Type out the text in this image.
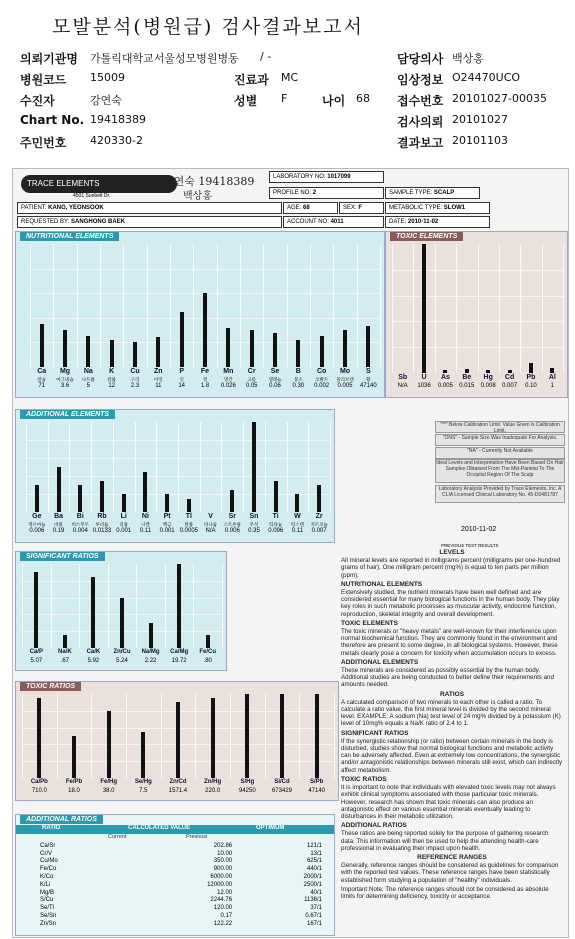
모발분석(병원급) 검사결과보고서
의뢰기관명 가톨릭대학교서울성모병원병동 / -	담당의사 백상홍
병원코드 15009	진료과 MC	임상정보 O24470UCO
수진자	강연숙	성별 F	나이 68 접수번호 20101027-00035
Chart No. 19418389	검사의뢰 20101027
주민번호 420330-2	결과보고 20101103
TRACE ELEMENTS
4501 Sunbelt Dr.
강연숙 19418389
백상홍
LABORATORY NO: 1017099
PROFILE NO: 2	SAMPLE TYPE: SCALP
PATIENT: KANG, YEONSOOK	AGE: 68	SEX: F	METABOLIC TYPE: SLOW1
REQUESTED BY: SANGHONG BAEK	ACCOUNT NO: 4011	DATE: 2010-11-02
NUTRITIONAL ELEMENTS
Ca
칼슘
71
Mg
마그네슘
3.6
Na
나트륨
5
K
칼륨
12
Cu
구리
2.3
Zn
아연
11
P
인
14
Fe
철
1.8
Mn
망간
0.026
Cr
크롬
0.05
Se
셀레늄
0.06
B
붕소
0.30
Co
코발트
0.002
Mo
몰리브덴
0.005
S
황
47140
TOXIC ELEMENTS
Sb
N/A
U
1036
As
0.005
Be
0.015
Hg
0.008
Cd
0.007
Pb
0.10
Al
1
ADDITIONAL ELEMENTS
Ge
게르마늄
0.006
Ba
바륨
0.19
Bi
비스무트
0.004
Rb
루비듐
0.0133
Li
리튬
0.001
Ni
니켈
0.11
Pt
백금
0.001
Tl
탈륨
0.0005
V
바나듐
N/A
Sr
스트론튬
0.006
Sn
주석
0.35
Ti
티타늄
0.096
W
텅스텐
0.11
Zr
지르코늄
0.007
"**" Below Calibration Limit. Value Given is Calibration Limit.
"ONS" - Sample Size Was Inadequate For Analysis.
"NA" - Currently Not Available
Ideal Levels and Interpretation Have Been Based On Hair Samples Obtained From The Mid-Parietal To The Occipital Region Of The Scalp
Laboratory Analysis Provided by Trace Elements, Inc. A CLIA Licensed Clinical Laboratory No. 45-D0481787
2010-11-02
PREVIOUS TEST RESULTS
SIGNIFICANT RATIOS
Ca/P
5.07
Na/K
.67
Ca/K
5.92
Zn/Cu
5.24
Na/Mg
2.22
Ca/Mg
19.72
Fe/Cu
.80
TOXIC RATIOS
Ca/Pb
710.0
Fe/Pb
18.0
Fe/Hg
38.0
Se/Hg
7.5
Zn/Cd
1571.4
Zn/Hg
220.0
S/Hg
94250
Si/Cd
673429
S/Pb
47140
ADDITIONAL RATIOS
RATIO	CALCULATED VALUE	OPTIMUM
Current	Previous
Ca/Sr	202.86	121/1
Cr/V	10.00	13/1
Cu/Mo	350.00	625/1
Fe/Co	900.00	440/1
K/Co	6000.00	2000/1
K/Li	12000.00	2500/1
Mg/B	12.00	40/1
S/Cu	2244.76	1136/1
Se/Tl	120.00	37/1
Se/Sn	0.17	0.67/1
Zn/Sn	122.22	167/1
LEVELS
All mineral levels are reported in milligrams percent (milligrams per one-hundred grams of hair). One milligram percent (mg%) is equal to ten parts per million (ppm).
NUTRITIONAL ELEMENTS
Extensively studied, the nutrient minerals have been well defined and are considered essential for many biological functions in the human body. They play key roles in such metabolic processes as muscular activity, endocrine function, reproduction, skeletal integrity and overall development.
TOXIC ELEMENTS
The toxic minerals or "heavy metals" are well-known for their interference upon normal biochemical function. They are commonly found in the environment and therefore are present to some degree, in all biological systems. However, these metals clearly pose a concern for toxicity when accumulation occurs to excess.
ADDITIONAL ELEMENTS
These minerals are considered as possibly essential by the human body. Additional studies are being conducted to better define their requirements and amounts needed.
RATIOS
A calculated comparison of two minerals to each other is called a ratio. To calculate a ratio value, the first mineral level is divided by the second mineral level. EXAMPLE: A sodium (Na) test level of 24 mg% divided by a potassium (K) level of 10mg% equals a Na/K ratio of 2.4 to 1.
SIGNIFICANT RATIOS
If the synergistic relationship (or ratio) between certain minerals in the body is disturbed, studies show that normal biological functions and metabolic activity can be adversely affected. Even at extremely low concentrations, the synergistic and/or antagonistic relationships between minerals still exist, which can indirectly affect metabolism.
TOXIC RATIOS
It is important to note that individuals with elevated toxic levels may not always exhibit clinical symptoms associated with those particular toxic minerals. However, research has shown that toxic minerals can also produce an antagonistic effect on various essential minerals eventually leading to disturbances in their metabolic utilization.
ADDITIONAL RATIOS
These ratios are being reported solely for the purpose of gathering research data. This information will then be used to help the attending health-care professional in evaluating their impact upon health.
REFERENCE RANGES
Generally, reference ranges should be considered as guidelines for comparison with the reported test values. These reference ranges have been statistically established form studying a population of "healthy" individuals.
Important Note: The reference ranges should not be considered as absolute limits for determining deficiency, toxicity or acceptance.
